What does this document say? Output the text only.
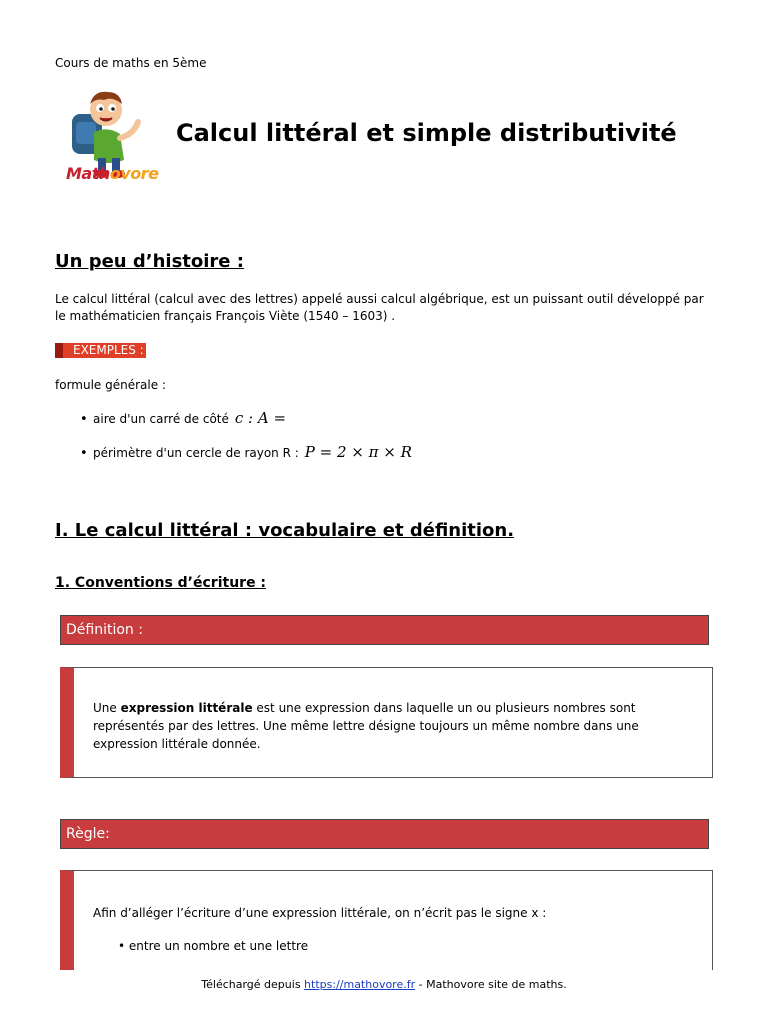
Cours de maths en 5ème
Mathovore
Calcul littéral et simple distributivité
Un peu d’histoire :

Le calcul littéral (calcul avec des lettres) appelé aussi calcul algébrique, est un puissant outil développé par le mathématicien français François Viète (1540 – 1603) .

EXEMPLES :

formule générale :

• aire d'un carré de côté c : A =
• périmètre d'un cercle de rayon R : P = 2 × π × R
I. Le calcul littéral : vocabulaire et définition.
1. Conventions d’écriture :
Définition :

Une expression littérale est une expression dans laquelle un ou plusieurs nombres sont représentés par des lettres. Une même lettre désigne toujours un même nombre dans une expression littérale donnée.

Règle:

Afin d’alléger l’écriture d’une expression littérale, on n’écrit pas le signe x :

• entre un nombre et une lettre
Téléchargé depuis https://mathovore.fr - Mathovore site de maths.
